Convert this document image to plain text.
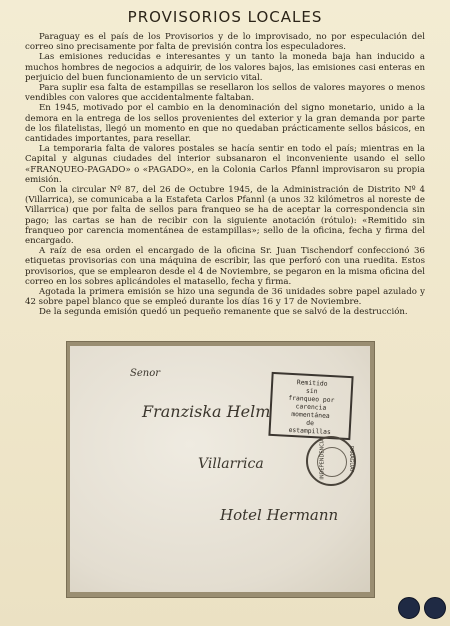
PROVISORIOS LOCALES

Paraguay es el país de los Provisorios y de lo improvisado, no por especulación del correo sino precisamente por falta de previsión contra los especuladores.

Las emisiones reducidas e interesantes y un tanto la moneda baja han inducido a muchos hombres de negocios a adquirir, de los valores bajos, las emisiones casi enteras en perjuicio del buen funcionamiento de un servicio vital.

Para suplir esa falta de estampillas se resellaron los sellos de valores mayores o menos vendibles con valores que accidentalmente faltaban.

En 1945, motivado por el cambio en la denominación del signo monetario, unido a la demora en la entrega de los sellos provenientes del exterior y la gran demanda por parte de los filatelistas, llegó un momento en que no quedaban prácticamente sellos básicos, en cantidades importantes, para resellar.

La temporaria falta de valores postales se hacía sentir en todo el país; mientras en la Capital y algunas ciudades del interior subsanaron el inconveniente usando el sello «FRANQUEO-PAGADO» o «PAGADO», en la Colonia Carlos Pfannl improvisaron su propia emisión.

Con la circular Nº 87, del 26 de Octubre 1945, de la Administración de Distrito Nº 4 (Villarrica), se comunicaba a la Estafeta Carlos Pfannl (a unos 32 kilómetros al noreste de Villarrica) que por falta de sellos para franqueo se ha de aceptar la correspondencia sin pago; las cartas se han de recibir con la siguiente anotación (rótulo): «Remitido sin franqueo por carencia momentánea de estampillas»; sello de la oficina, fecha y firma del encargado.

A raíz de esa orden el encargado de la oficina Sr. Juan Tischendorf confeccionó 36 etiquetas provisorias con una máquina de escribir, las que perforó con una ruedita. Estos provisorios, que se emplearon desde el 4 de Noviembre, se pegaron en la misma oficina del correo en los sobres aplicándoles el matasello, fecha y firma.

Agotada la primera emisión se hizo una segunda de 36 unidades sobre papel azulado y 42 sobre papel blanco que se empleó durante los días 16 y 17 de Noviembre.

De la segunda emisión quedó un pequeño remanente que se salvó de la destrucción.

Senor
Franziska Helm
Villarrica
Hotel Hermann
Remitido
sin
franqueo por
carencia
momentánea
de
estampillas
INDEPENDENCIA	PARAGUAY
